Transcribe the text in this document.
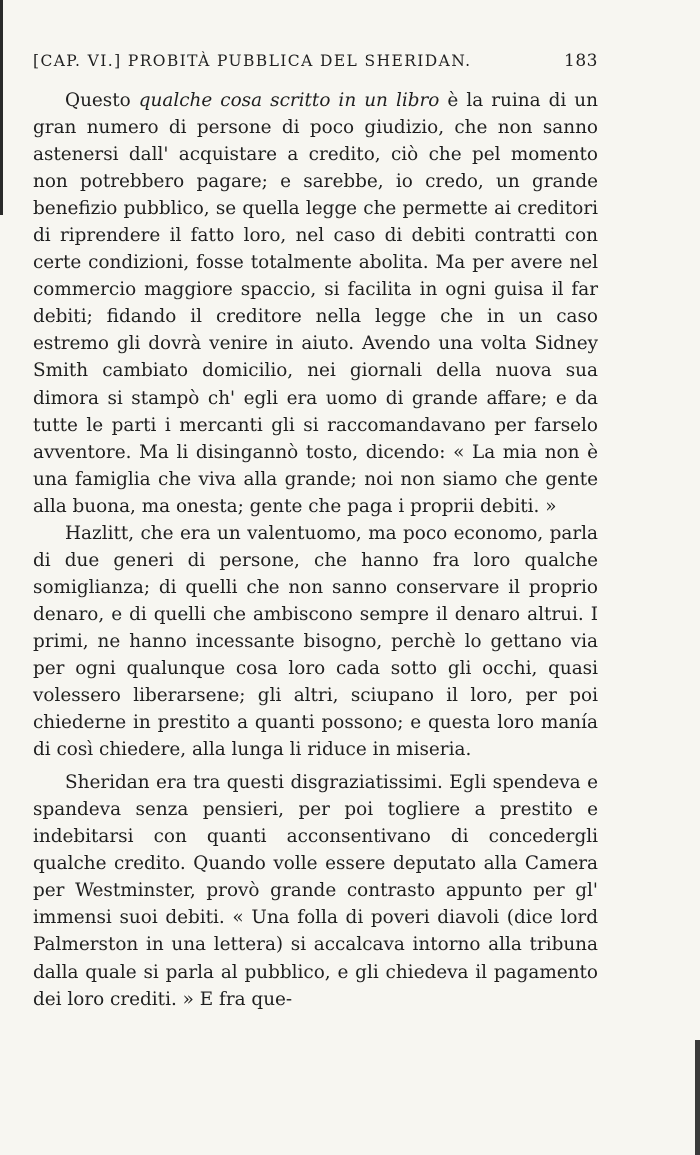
[CAP. VI.] PROBITÀ PUBBLICA DEL SHERIDAN.	183

Questo qualche cosa scritto in un libro è la ruina di un gran numero di persone di poco giudizio, che non sanno astenersi dall' acquistare a credito, ciò che pel momento non potrebbero pagare; e sarebbe, io credo, un grande benefizio pubblico, se quella legge che permette ai creditori di riprendere il fatto loro, nel caso di debiti contratti con certe condizioni, fosse totalmente abolita. Ma per avere nel commercio maggiore spaccio, si facilita in ogni guisa il far debiti; fidando il creditore nella legge che in un caso estremo gli dovrà venire in aiuto. Avendo una volta Sidney Smith cambiato domicilio, nei giornali della nuova sua dimora si stampò ch' egli era uomo di grande affare; e da tutte le parti i mercanti gli si raccomandavano per farselo avventore. Ma li disingannò tosto, dicendo: « La mia non è una famiglia che viva alla grande; noi non siamo che gente alla buona, ma onesta; gente che paga i proprii debiti. »

Hazlitt, che era un valentuomo, ma poco economo, parla di due generi di persone, che hanno fra loro qualche somiglianza; di quelli che non sanno conservare il proprio denaro, e di quelli che ambiscono sempre il denaro altrui. I primi, ne hanno incessante bisogno, perchè lo gettano via per ogni qualunque cosa loro cada sotto gli occhi, quasi volessero liberarsene; gli altri, sciupano il loro, per poi chiederne in prestito a quanti possono; e questa loro manía di così chiedere, alla lunga li riduce in miseria.

Sheridan era tra questi disgraziatissimi. Egli spendeva e spandeva senza pensieri, per poi togliere a prestito e indebitarsi con quanti acconsentivano di concedergli qualche credito. Quando volle essere deputato alla Camera per Westminster, provò grande contrasto appunto per gl' immensi suoi debiti. « Una folla di poveri diavoli (dice lord Palmerston in una lettera) si accalcava intorno alla tribuna dalla quale si parla al pubblico, e gli chiedeva il pagamento dei loro crediti. » E fra que-
